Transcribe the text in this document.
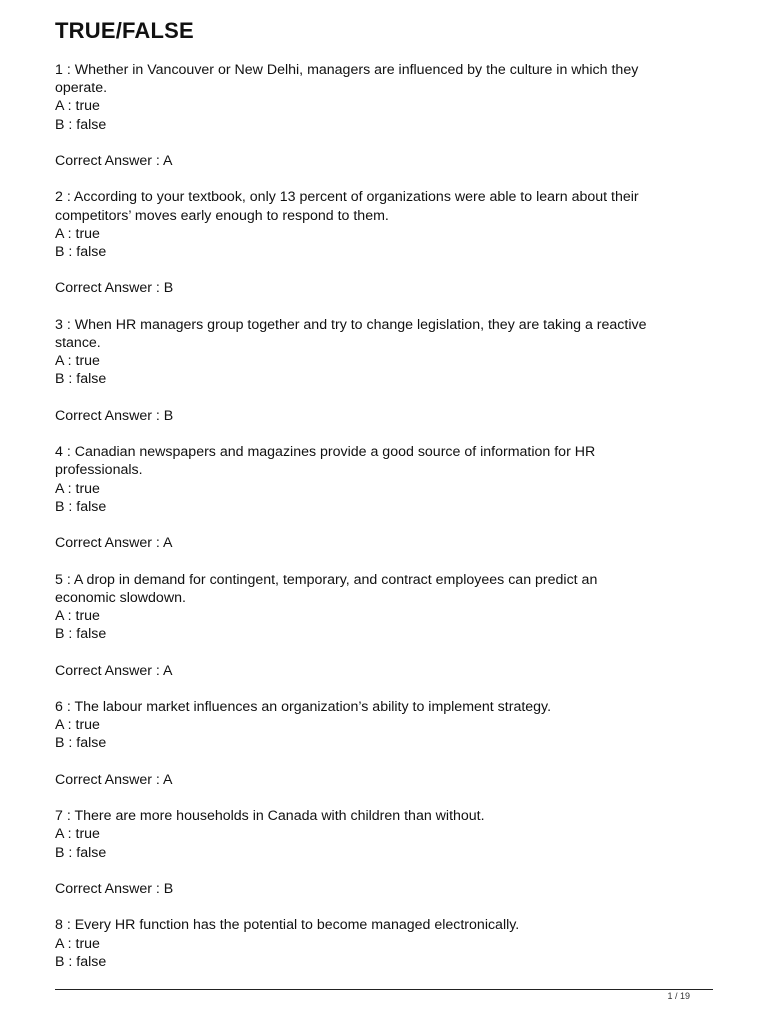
TRUE/FALSE

1 : Whether in Vancouver or New Delhi, managers are influenced by the culture in which they

operate.

A : true

B : false

Correct Answer : A

2 : According to your textbook, only 13 percent of organizations were able to learn about their

competitors’ moves early enough to respond to them.

A : true

B : false

Correct Answer : B

3 : When HR managers group together and try to change legislation, they are taking a reactive

stance.

A : true

B : false

Correct Answer : B

4 : Canadian newspapers and magazines provide a good source of information for HR

professionals.

A : true

B : false

Correct Answer : A

5 : A drop in demand for contingent, temporary, and contract employees can predict an

economic slowdown.

A : true

B : false

Correct Answer : A

6 : The labour market influences an organization’s ability to implement strategy.

A : true

B : false

Correct Answer : A

7 : There are more households in Canada with children than without.

A : true

B : false

Correct Answer : B

8 : Every HR function has the potential to become managed electronically.

A : true

B : false

1 / 19
